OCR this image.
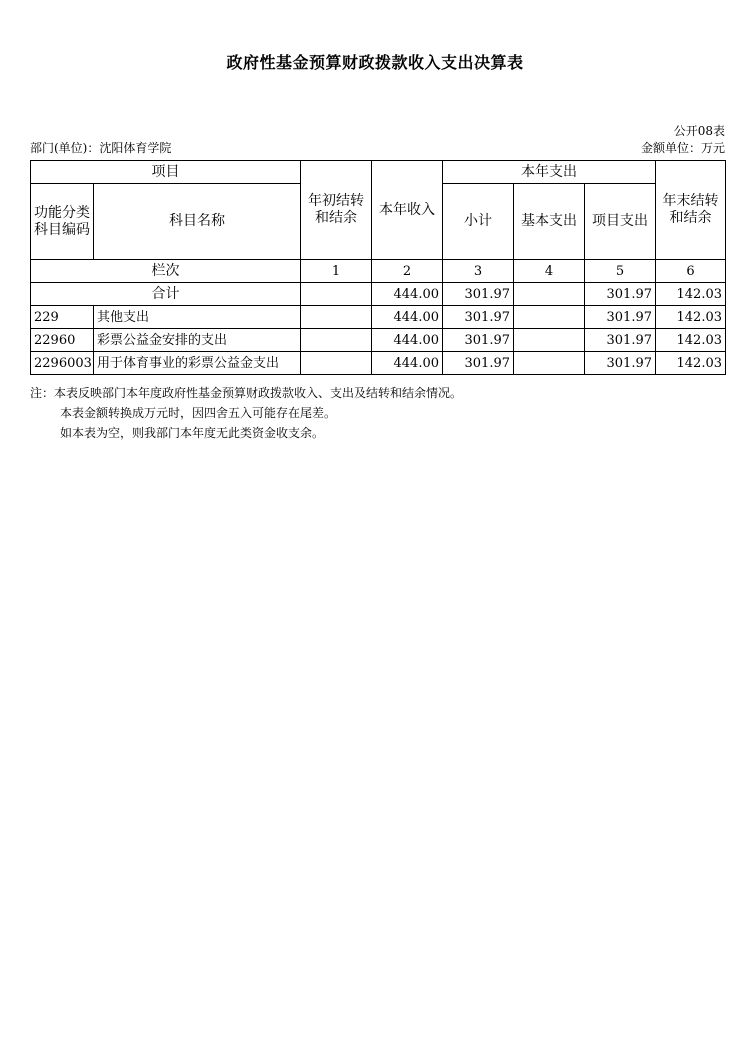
政府性基金预算财政拨款收入支出决算表
公开08表
部门(单位)：沈阳体育学院	金额单位：万元
项目		年初结转和结余	本年收入	本年支出			年末结转和结余
功能分类科目编码	科目名称			小计	基本支出	项目支出	
栏次		1	2	3	4	5	6
合计			444.00	301.97		301.97	142.03
229	其他支出		444.00	301.97		301.97	142.03
22960	彩票公益金安排的支出		444.00	301.97		301.97	142.03
2296003	用于体育事业的彩票公益金支出		444.00	301.97		301.97	142.03
注：本表反映部门本年度政府性基金预算财政拨款收入、支出及结转和结余情况。
本表金额转换成万元时，因四舍五入可能存在尾差。
如本表为空，则我部门本年度无此类资金收支余。
